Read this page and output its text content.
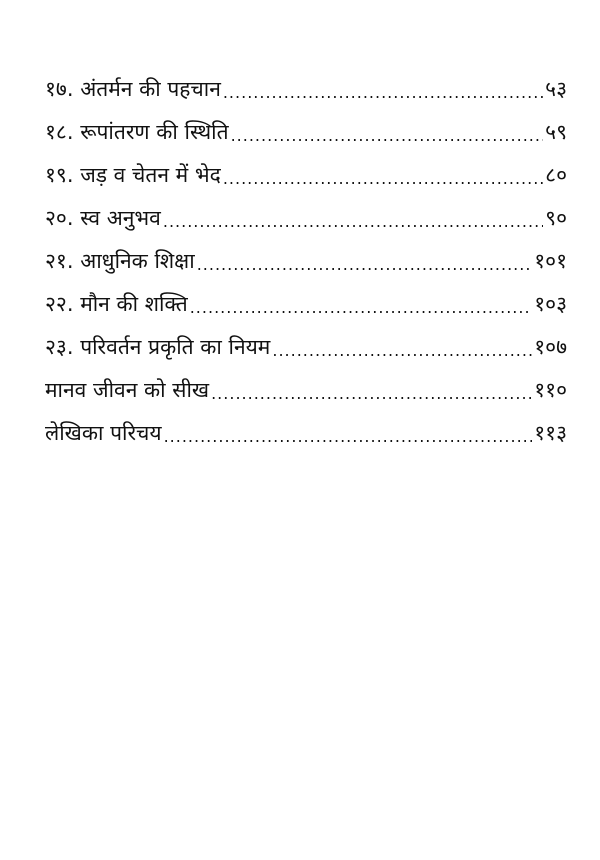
१७. अंतर्मन की पहचान .....	५३
१८. रूपांतरण की स्थिति .....	५९
१९. जड़ व चेतन में भेद .....	८०
२०. स्व अनुभव .....	९०
२१. आधुनिक शिक्षा .....	१०१
२२. मौन की शक्ति .....	१०३
२३. परिवर्तन प्रकृति का नियम .....	१०७
मानव जीवन को सीख .....	११०
लेखिका परिचय .....	११३
